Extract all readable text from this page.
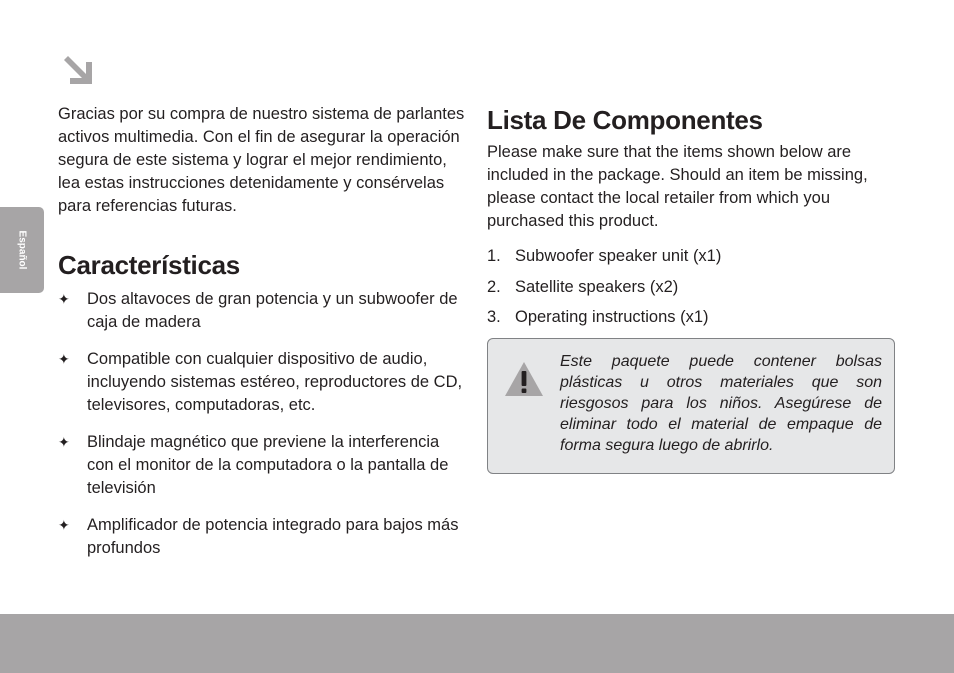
Español

Gracias por su compra de nuestro sistema de parlantes activos multimedia. Con el fin de asegurar la operación segura de este sistema y lograr el mejor rendimiento, lea estas instrucciones detenidamente y consérvelas para referencias futuras.

Características
✦ Dos altavoces de gran potencia y un subwoofer de caja de madera
✦ Compatible con cualquier dispositivo de audio, incluyendo sistemas estéreo, reproductores de CD, televisores, computadoras, etc.
✦ Blindaje magnético que previene la interferencia con el monitor de la computadora o la pantalla de televisión
✦ Amplificador de potencia integrado para bajos más profundos
Lista De Componentes

Please make sure that the items shown below are included in the package. Should an item be missing, please contact the local retailer from which you purchased this product.

1. Subwoofer speaker unit (x1)
2. Satellite speakers (x2)
3. Operating instructions (x1)

Este paquete puede contener bolsas plásticas u otros materiales que son riesgosos para los niños. Asegúrese de eliminar todo el material de empaque de forma segura luego de abrirlo.
